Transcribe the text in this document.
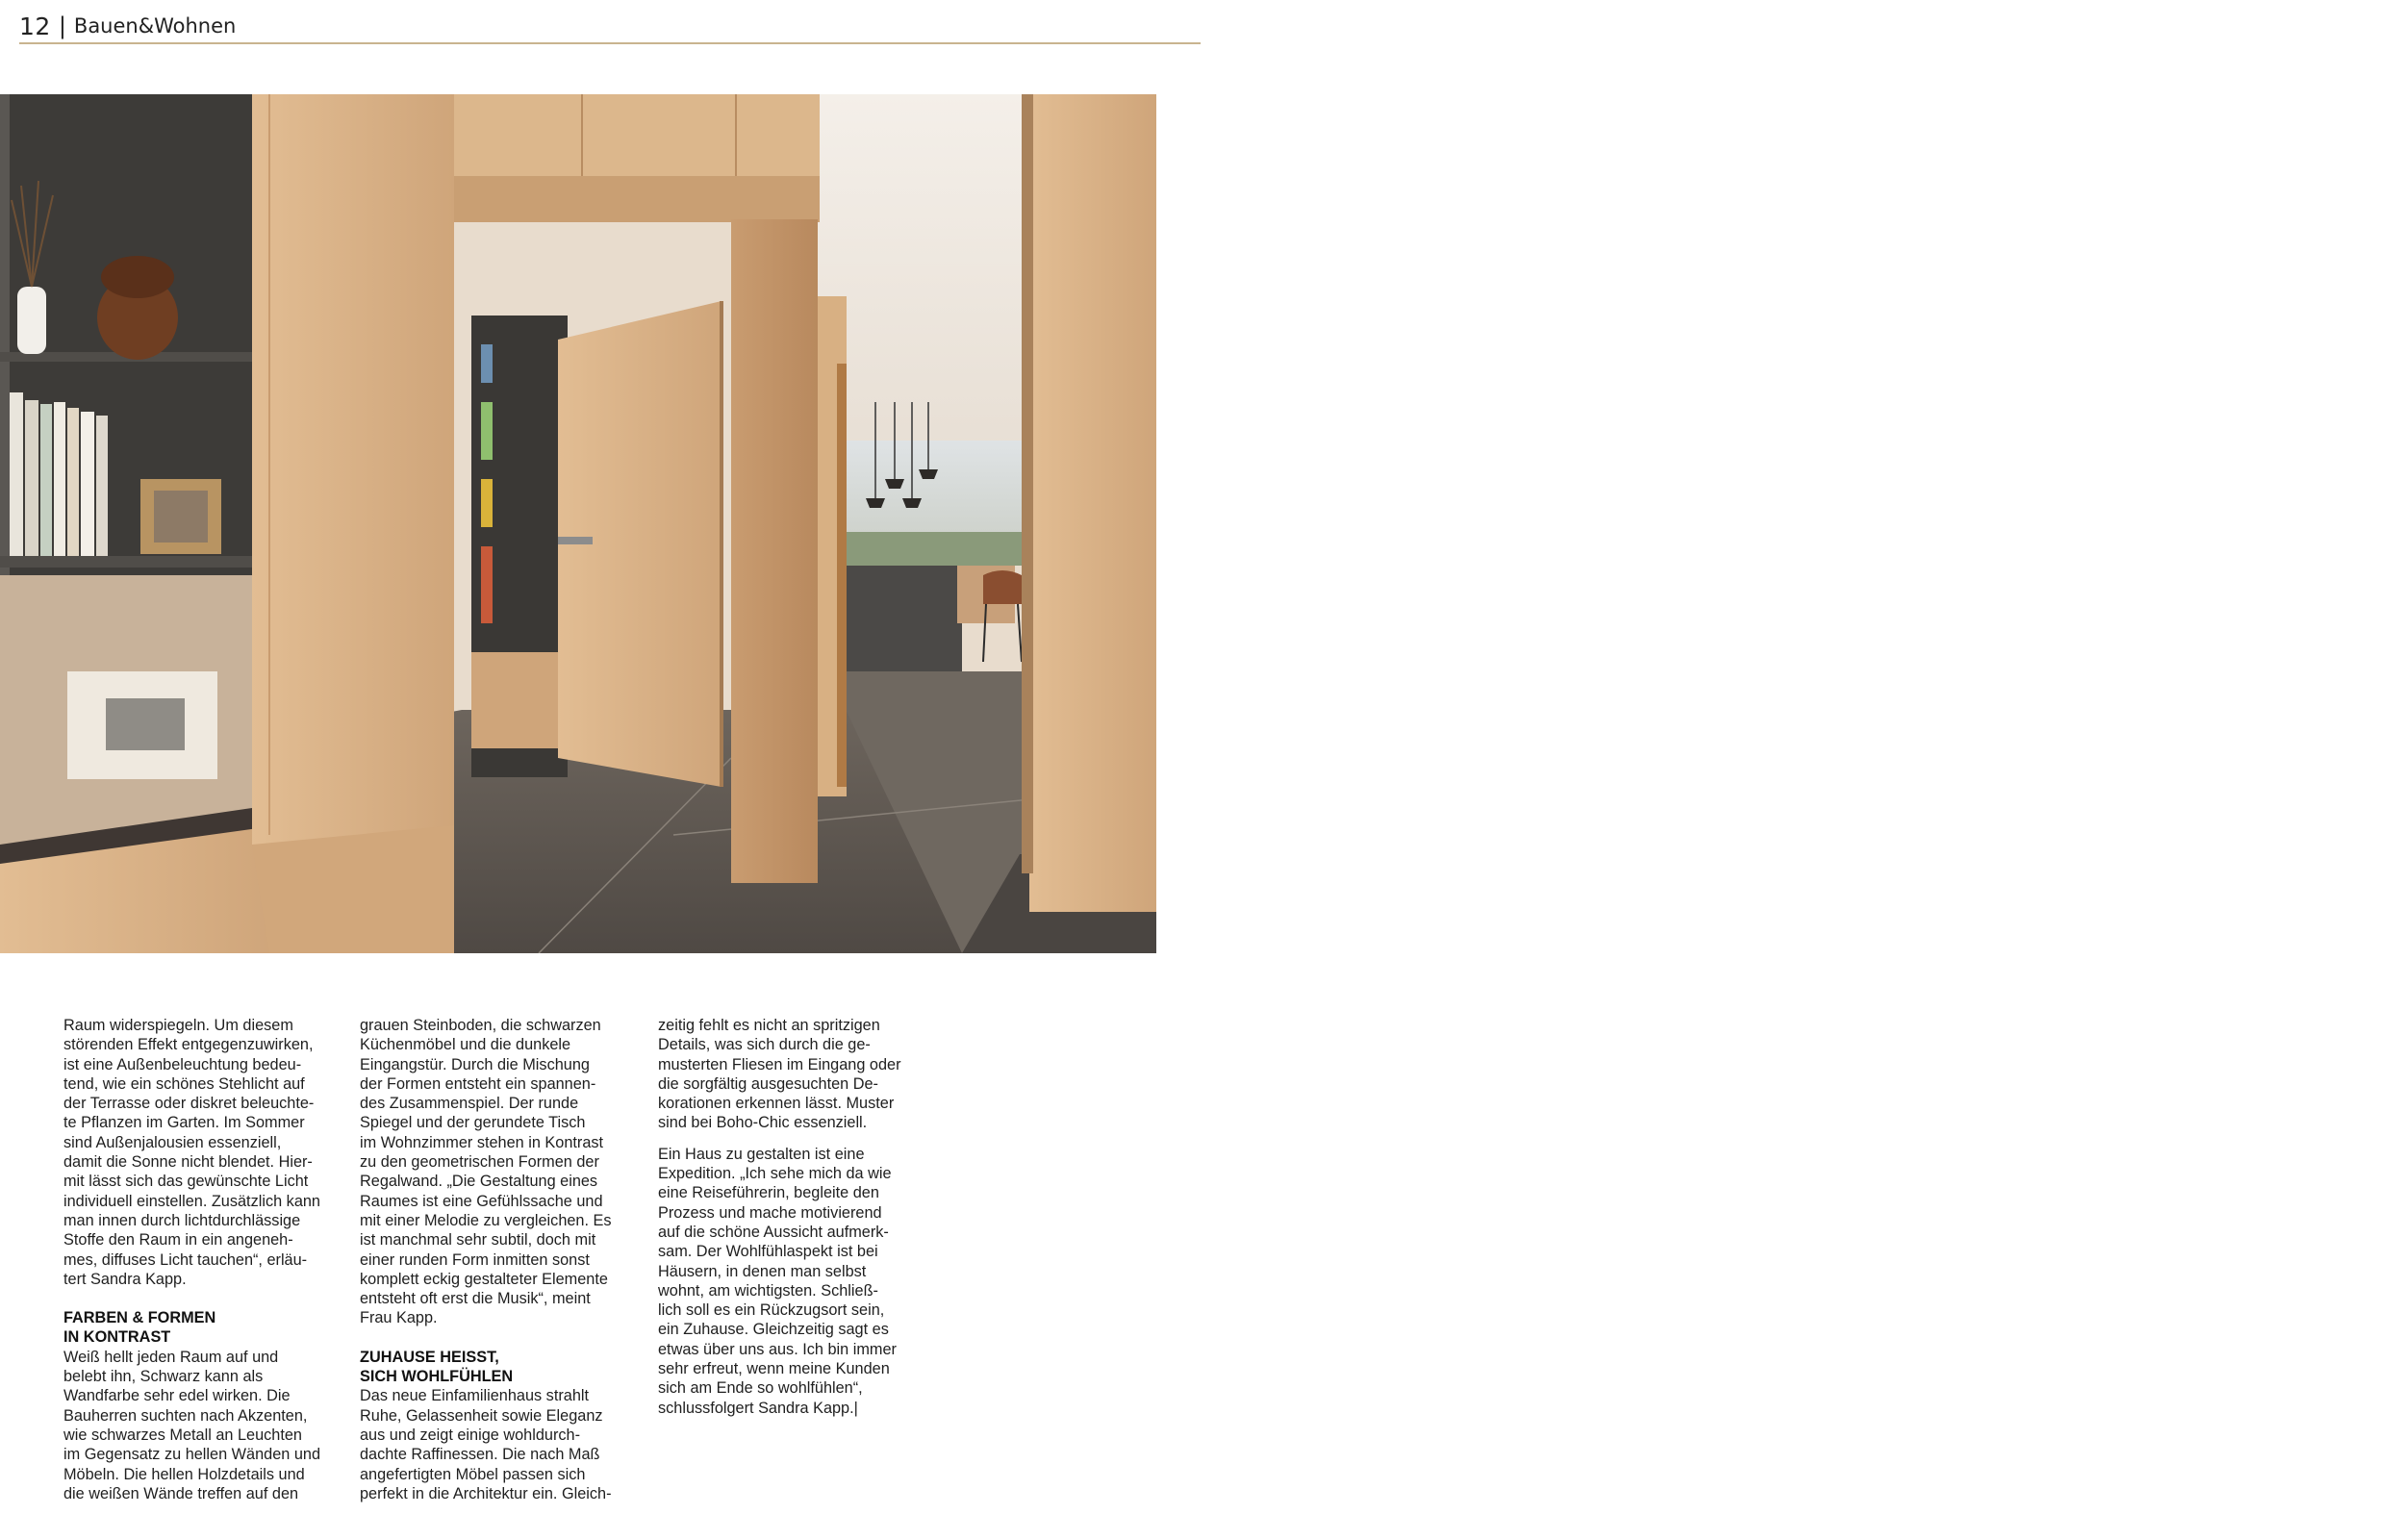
12 | Bauen&Wohnen

Raum widerspiegeln. Um diesem
störenden Effekt entgegenzuwirken,
ist eine Außenbeleuchtung bedeu-
tend, wie ein schönes Stehlicht auf
der Terrasse oder diskret beleuchte-
te Pflanzen im Garten. Im Sommer
sind Außenjalousien essenziell,
damit die Sonne nicht blendet. Hier-
mit lässt sich das gewünschte Licht
individuell einstellen. Zusätzlich kann
man innen durch lichtdurchlässige
Stoffe den Raum in ein angeneh-
mes, diffuses Licht tauchen“, erläu-
tert Sandra Kapp.

FARBEN & FORMEN
IN KONTRAST

Weiß hellt jeden Raum auf und
belebt ihn, Schwarz kann als
Wandfarbe sehr edel wirken. Die
Bauherren suchten nach Akzenten,
wie schwarzes Metall an Leuchten
im Gegensatz zu hellen Wänden und
Möbeln. Die hellen Holzdetails und
die weißen Wände treffen auf den

grauen Steinboden, die schwarzen
Küchenmöbel und die dunkele
Eingangstür. Durch die Mischung
der Formen entsteht ein spannen-
des Zusammenspiel. Der runde
Spiegel und der gerundete Tisch
im Wohnzimmer stehen in Kontrast
zu den geometrischen Formen der
Regalwand. „Die Gestaltung eines
Raumes ist eine Gefühlssache und
mit einer Melodie zu vergleichen. Es
ist manchmal sehr subtil, doch mit
einer runden Form inmitten sonst
komplett eckig gestalteter Elemente
entsteht oft erst die Musik“, meint
Frau Kapp.

ZUHAUSE HEISST,
SICH WOHLFÜHLEN

Das neue Einfamilienhaus strahlt
Ruhe, Gelassenheit sowie Eleganz
aus und zeigt einige wohldurch-
dachte Raffinessen. Die nach Maß
angefertigten Möbel passen sich
perfekt in die Architektur ein. Gleich-

zeitig fehlt es nicht an spritzigen
Details, was sich durch die ge-
musterten Fliesen im Eingang oder
die sorgfältig ausgesuchten De-
korationen erkennen lässt. Muster
sind bei Boho-Chic essenziell.

Ein Haus zu gestalten ist eine
Expedition. „Ich sehe mich da wie
eine Reiseführerin, begleite den
Prozess und mache motivierend
auf die schöne Aussicht aufmerk-
sam. Der Wohlfühlaspekt ist bei
Häusern, in denen man selbst
wohnt, am wichtigsten. Schließ-
lich soll es ein Rückzugsort sein,
ein Zuhause. Gleichzeitig sagt es
etwas über uns aus. Ich bin immer
sehr erfreut, wenn meine Kunden
sich am Ende so wohlfühlen“,
schlussfolgert Sandra Kapp.|
